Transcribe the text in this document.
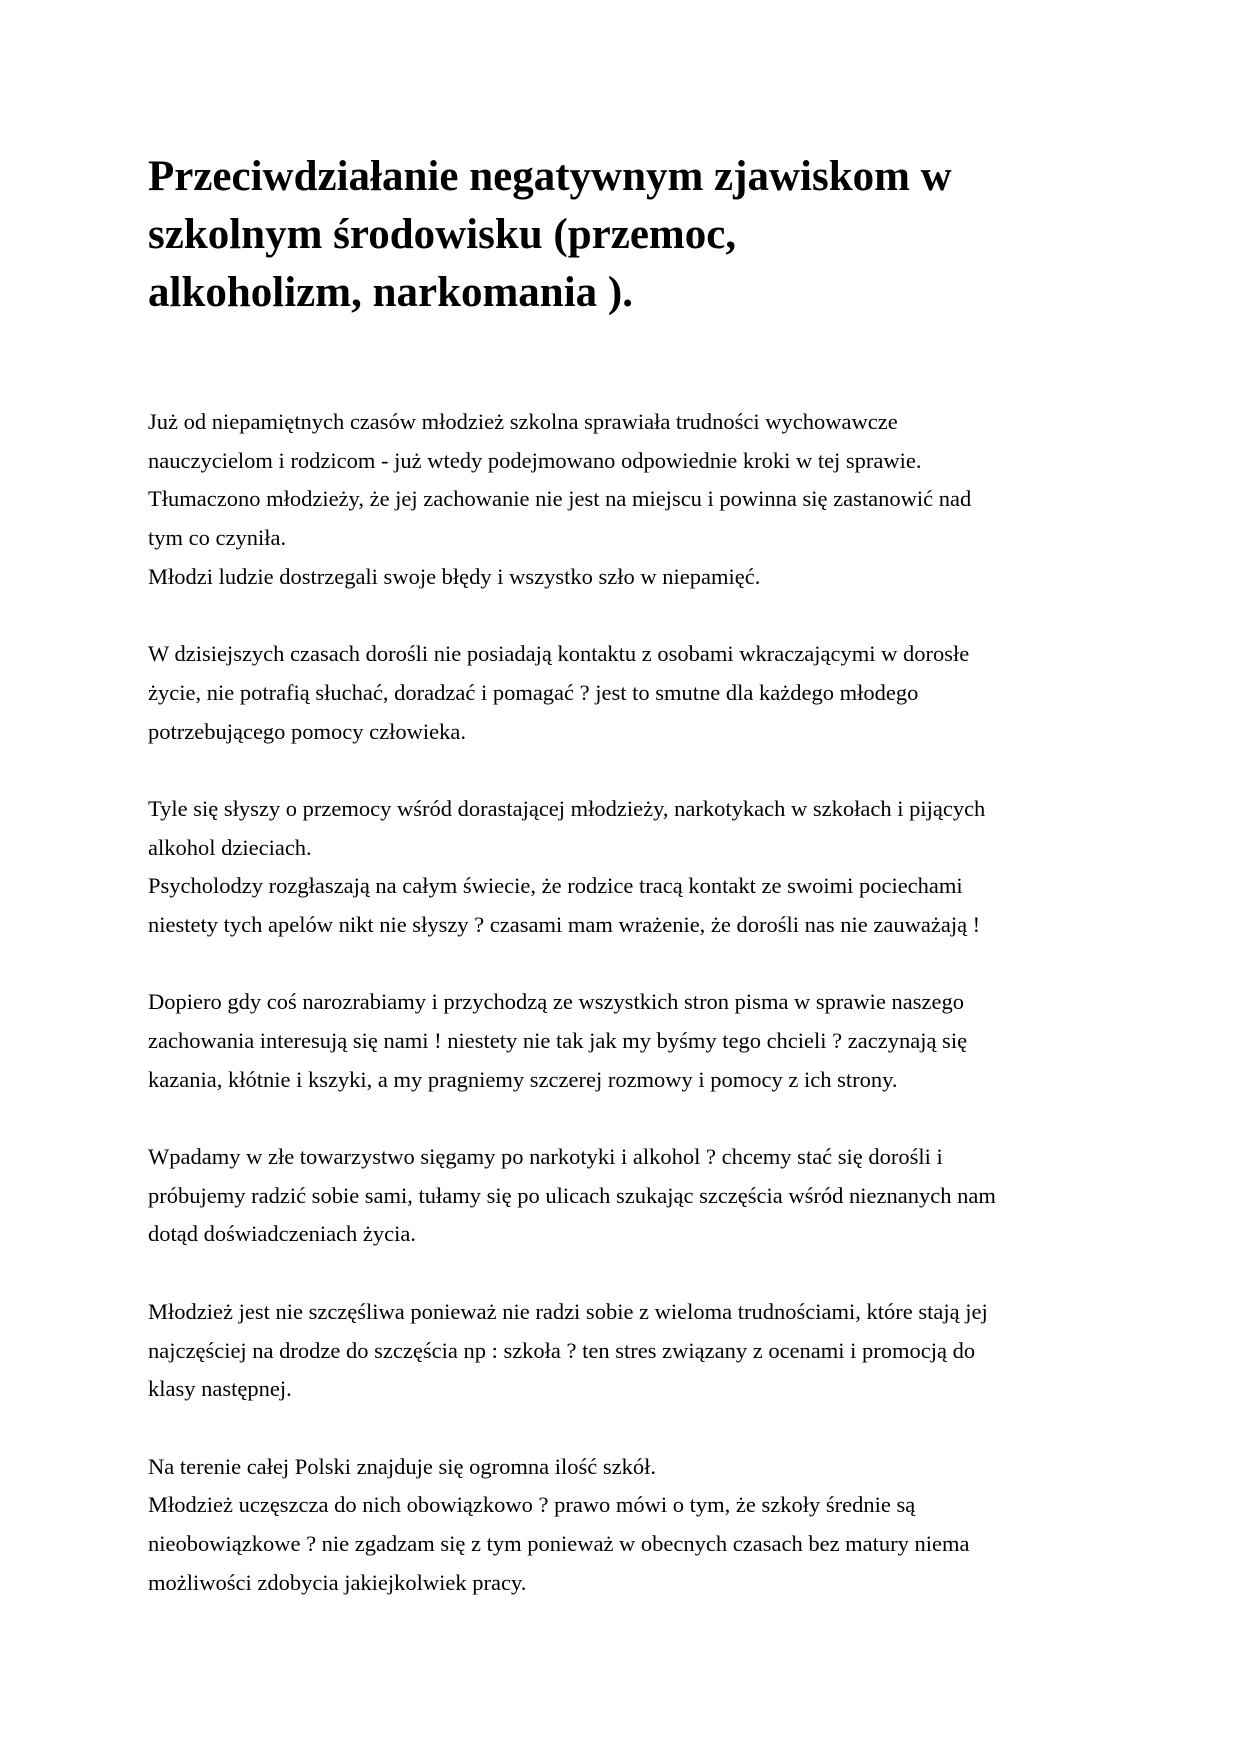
Przeciwdziałanie negatywnym zjawiskom w
szkolnym środowisku (przemoc,
alkoholizm, narkomania ).
Już od niepamiętnych czasów młodzież szkolna sprawiała trudności wychowawcze
nauczycielom i rodzicom - już wtedy podejmowano odpowiednie kroki w tej sprawie.
Tłumaczono młodzieży, że jej zachowanie nie jest na miejscu i powinna się zastanowić nad
tym co czyniła.
Młodzi ludzie dostrzegali swoje błędy i wszystko szło w niepamięć.
W dzisiejszych czasach dorośli nie posiadają kontaktu z osobami wkraczającymi w dorosłe
życie, nie potrafią słuchać, doradzać i pomagać ? jest to smutne dla każdego młodego
potrzebującego pomocy człowieka.
Tyle się słyszy o przemocy wśród dorastającej młodzieży, narkotykach w szkołach i pijących
alkohol dzieciach.
Psycholodzy rozgłaszają na całym świecie, że rodzice tracą kontakt ze swoimi pociechami
niestety tych apelów nikt nie słyszy ? czasami mam wrażenie, że dorośli nas nie zauważają !
Dopiero gdy coś narozrabiamy i przychodzą ze wszystkich stron pisma w sprawie naszego
zachowania interesują się nami ! niestety nie tak jak my byśmy tego chcieli ? zaczynają się
kazania, kłótnie i kszyki, a my pragniemy szczerej rozmowy i pomocy z ich strony.
Wpadamy w złe towarzystwo sięgamy po narkotyki i alkohol ? chcemy stać się dorośli i
próbujemy radzić sobie sami, tułamy się po ulicach szukając szczęścia wśród nieznanych nam
dotąd doświadczeniach życia.
Młodzież jest nie szczęśliwa ponieważ nie radzi sobie z wieloma trudnościami, które stają jej
najczęściej na drodze do szczęścia np : szkoła ? ten stres związany z ocenami i promocją do
klasy następnej.
Na terenie całej Polski znajduje się ogromna ilość szkół.
Młodzież uczęszcza do nich obowiązkowo ? prawo mówi o tym, że szkoły średnie są
nieobowiązkowe ? nie zgadzam się z tym ponieważ w obecnych czasach bez matury niema
możliwości zdobycia jakiejkolwiek pracy.
